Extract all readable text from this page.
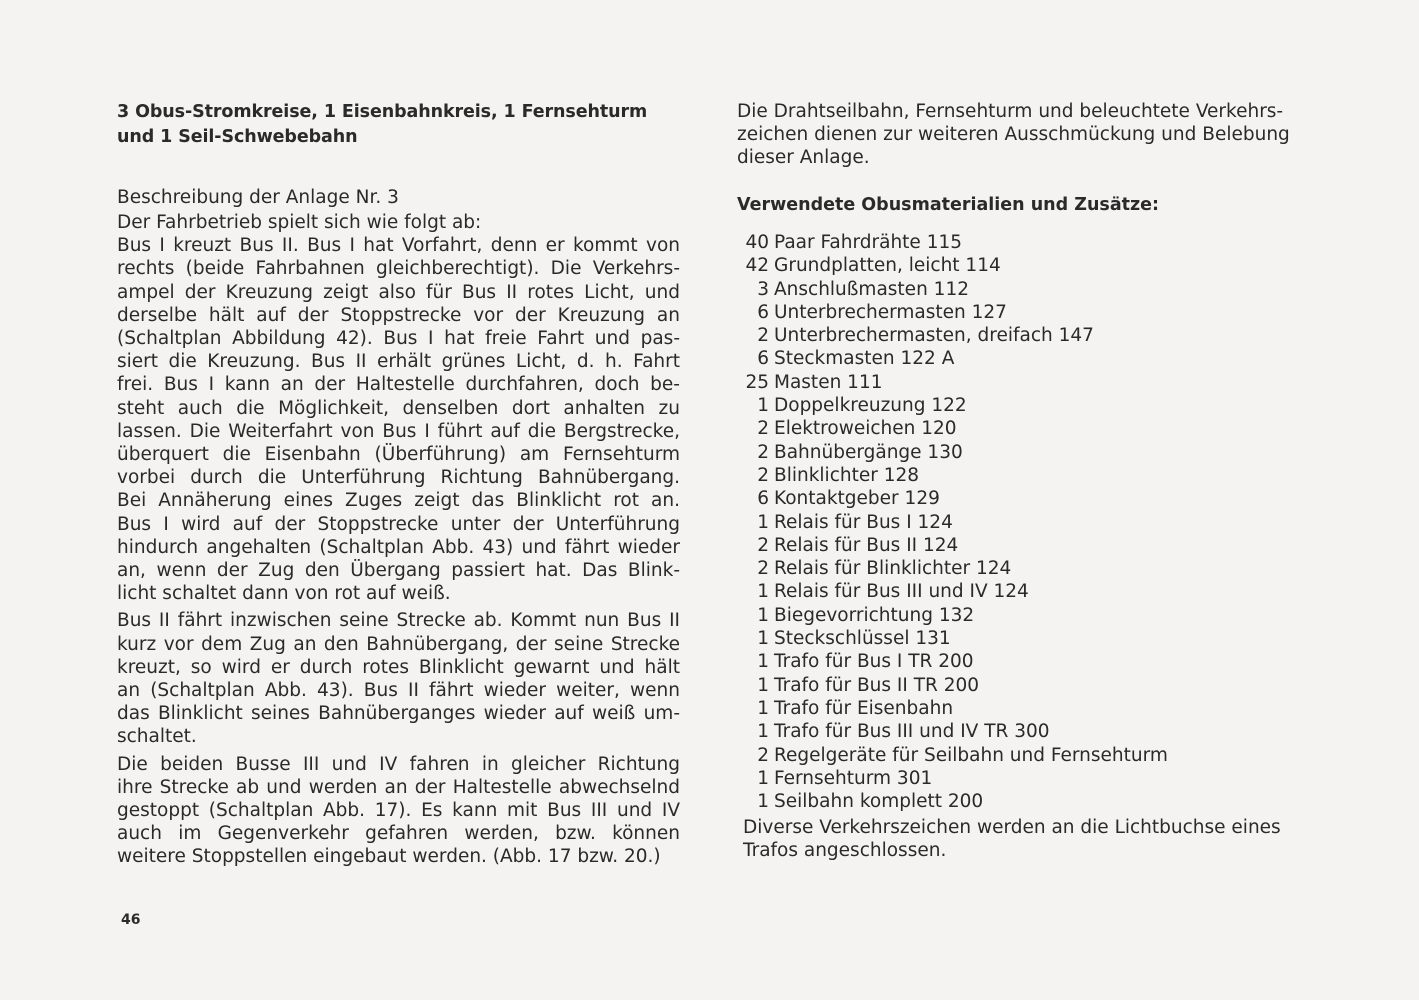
3 Obus-Stromkreise, 1 Eisenbahnkreis, 1 Fernsehturm
und 1 Seil-Schwebebahn
Beschreibung der Anlage Nr. 3
Der Fahrbetrieb spielt sich wie folgt ab:
Bus I kreuzt Bus II. Bus I hat Vorfahrt, denn er kommt von
rechts (beide Fahrbahnen gleichberechtigt). Die Verkehrs-
ampel der Kreuzung zeigt also für Bus II rotes Licht, und
derselbe hält auf der Stoppstrecke vor der Kreuzung an
(Schaltplan Abbildung 42). Bus I hat freie Fahrt und pas-
siert die Kreuzung. Bus II erhält grünes Licht, d. h. Fahrt
frei. Bus I kann an der Haltestelle durchfahren, doch be-
steht auch die Möglichkeit, denselben dort anhalten zu
lassen. Die Weiterfahrt von Bus I führt auf die Bergstrecke,
überquert die Eisenbahn (Überführung) am Fernsehturm
vorbei durch die Unterführung Richtung Bahnübergang.
Bei Annäherung eines Zuges zeigt das Blinklicht rot an.
Bus I wird auf der Stoppstrecke unter der Unterführung
hindurch angehalten (Schaltplan Abb. 43) und fährt wieder
an, wenn der Zug den Übergang passiert hat. Das Blink-
licht schaltet dann von rot auf weiß.
Bus II fährt inzwischen seine Strecke ab. Kommt nun Bus II
kurz vor dem Zug an den Bahnübergang, der seine Strecke
kreuzt, so wird er durch rotes Blinklicht gewarnt und hält
an (Schaltplan Abb. 43). Bus II fährt wieder weiter, wenn
das Blinklicht seines Bahnüberganges wieder auf weiß um-
schaltet.
Die beiden Busse III und IV fahren in gleicher Richtung
ihre Strecke ab und werden an der Haltestelle abwechselnd
gestoppt (Schaltplan Abb. 17). Es kann mit Bus III und IV
auch im Gegenverkehr gefahren werden, bzw. können
weitere Stoppstellen eingebaut werden. (Abb. 17 bzw. 20.)
46
Die Drahtseilbahn, Fernsehturm und beleuchtete Verkehrs-
zeichen dienen zur weiteren Ausschmückung und Belebung
dieser Anlage.
Verwendete Obusmaterialien und Zusätze:
40 Paar Fahrdrähte 115
42 Grundplatten, leicht 114
3 Anschlußmasten 112
6 Unterbrechermasten 127
2 Unterbrechermasten, dreifach 147
6 Steckmasten 122 A
25 Masten 111
1 Doppelkreuzung 122
2 Elektroweichen 120
2 Bahnübergänge 130
2 Blinklichter 128
6 Kontaktgeber 129
1 Relais für Bus I 124
2 Relais für Bus II 124
2 Relais für Blinklichter 124
1 Relais für Bus III und IV 124
1 Biegevorrichtung 132
1 Steckschlüssel 131
1 Trafo für Bus I TR 200
1 Trafo für Bus II TR 200
1 Trafo für Eisenbahn
1 Trafo für Bus III und IV TR 300
2 Regelgeräte für Seilbahn und Fernsehturm
1 Fernsehturm 301
1 Seilbahn komplett 200
Diverse Verkehrszeichen werden an die Lichtbuchse eines
Trafos angeschlossen.
